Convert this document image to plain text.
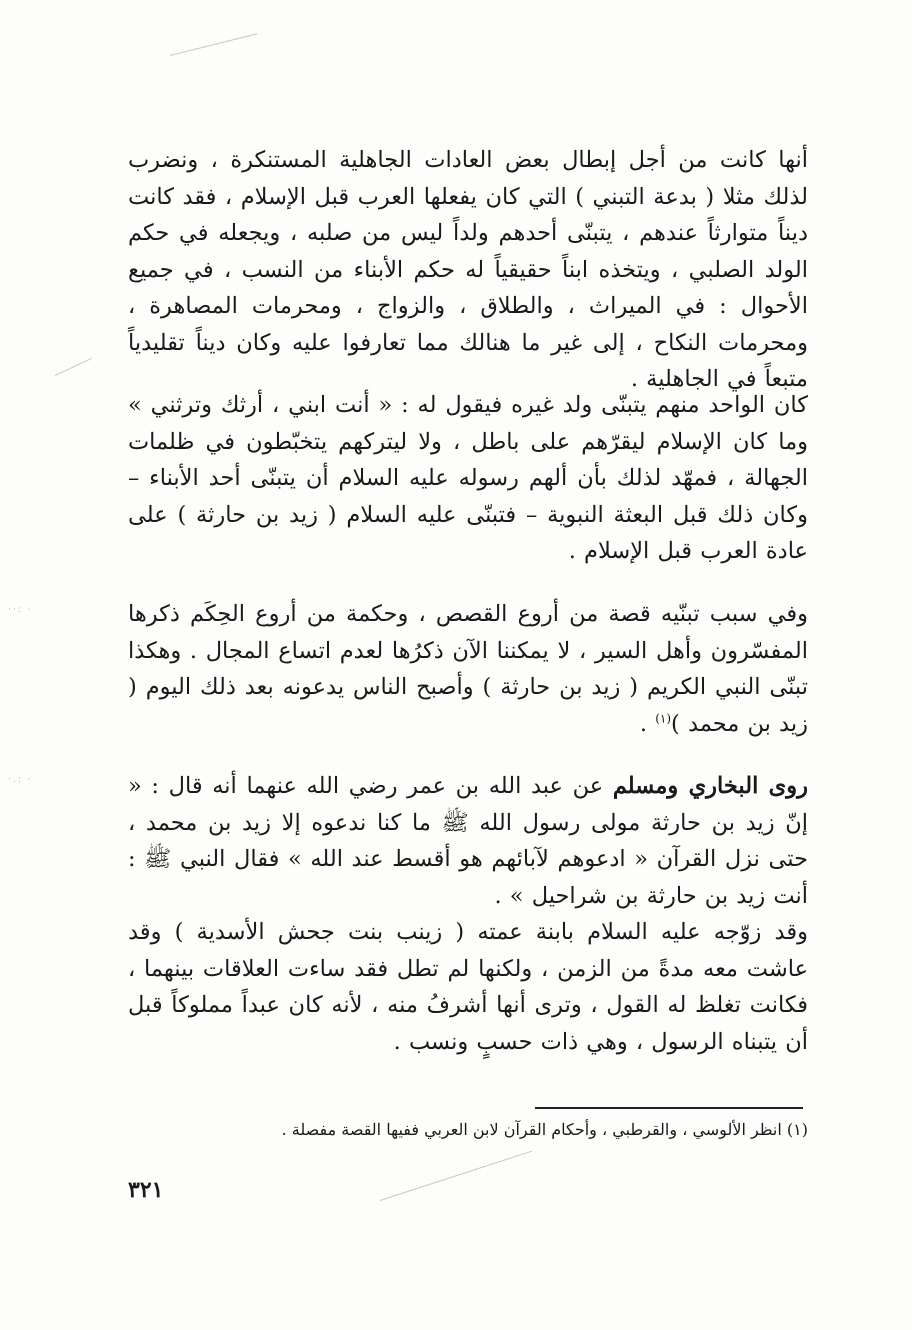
··: ·
·.: ·

أنها كانت من أجل إبطال بعض العادات الجاهلية المستنكرة ، ونضرب لذلك مثلا ( بدعة التبني ) التي كان يفعلها العرب قبل الإسلام ، فقد كانت ديناً متوارثاً عندهم ، يتبنّى أحدهم ولداً ليس من صلبه ، ويجعله في حكم الولد الصلبي ، ويتخذه ابناً حقيقياً له حكم الأبناء من النسب ، في جميع الأحوال : في الميراث ، والطلاق ، والزواج ، ومحرمات المصاهرة ، ومحرمات النكاح ، إلى غير ما هنالك مما تعارفوا عليه وكان ديناً تقليدياً متبعاً في الجاهلية .

كان الواحد منهم يتبنّى ولد غيره فيقول له : « أنت ابني ، أرثك وترثني » وما كان الإسلام ليقرّهم على باطل ، ولا ليتركهم يتخبّطون في ظلمات الجهالة ، فمهّد لذلك بأن ألهم رسوله عليه السلام أن يتبنّى أحد الأبناء – وكان ذلك قبل البعثة النبوية – فتبنّى عليه السلام ( زيد بن حارثة ) على عادة العرب قبل الإسلام .

وفي سبب تبنّيه قصة من أروع القصص ، وحكمة من أروع الحِكَم ذكرها المفسّرون وأهل السير ، لا يمكننا الآن ذكرُها لعدم اتساع المجال . وهكذا تبنّى النبي الكريم ( زيد بن حارثة ) وأصبح الناس يدعونه بعد ذلك اليوم ( زيد بن محمد )$^{(١)}$ .

روى البخاري ومسلم عن عبد الله بن عمر رضي الله عنهما أنه قال : « إنّ زيد بن حارثة مولى رسول الله ﷺ ما كنا ندعوه إلا زيد بن محمد ، حتى نزل القرآن « ادعوهم لآبائهم هو أقسط عند الله » فقال النبي ﷺ : أنت زيد بن حارثة بن شراحيل » .

وقد زوّجه عليه السلام بابنة عمته ( زينب بنت جحش الأسدية ) وقد عاشت معه مدةً من الزمن ، ولكنها لم تطل فقد ساءت العلاقات بينهما ، فكانت تغلظ له القول ، وترى أنها أشرفُ منه ، لأنه كان عبداً مملوكاً قبل أن يتبناه الرسول ، وهي ذات حسبٍ ونسب .

(١) انظر الألوسي ، والقرطبي ، وأحكام القرآن لابن العربي ففيها القصة مفصلة .
٣٢١
